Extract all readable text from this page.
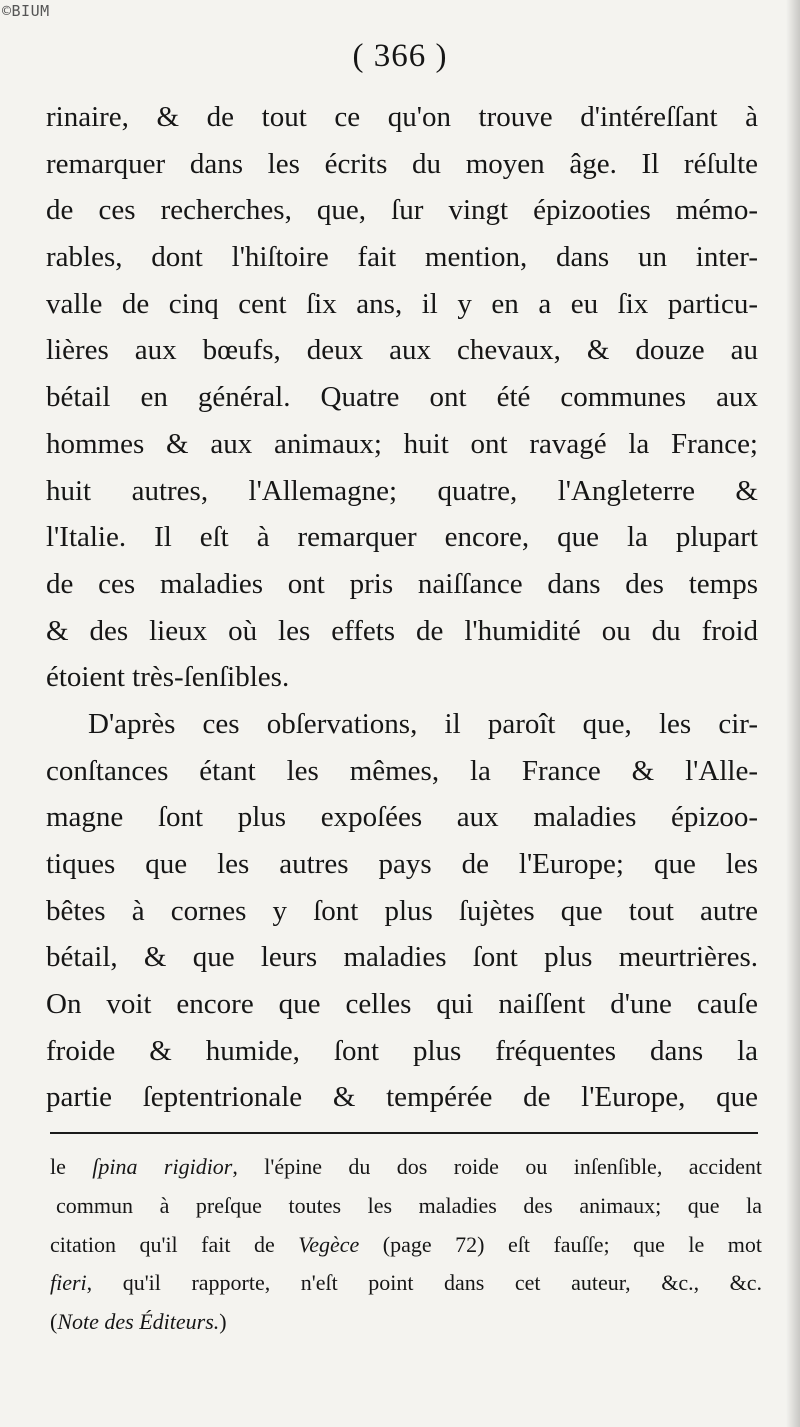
©BIUM
( 366 )
rinaire, & de tout ce qu'on trouve d'intéreſſant à
remarquer dans les écrits du moyen âge. Il réſulte
de ces recherches, que, ſur vingt épizooties mémo-
rables, dont l'hiſtoire fait mention, dans un inter-
valle de cinq cent ſix ans, il y en a eu ſix particu-
lières aux bœufs, deux aux chevaux, & douze au
bétail en général. Quatre ont été communes aux
hommes & aux animaux; huit ont ravagé la France;
huit autres, l'Allemagne; quatre, l'Angleterre &
l'Italie. Il eſt à remarquer encore, que la plupart
de ces maladies ont pris naiſſance dans des temps
& des lieux où les effets de l'humidité ou du froid
étoient très-ſenſibles.
D'après ces obſervations, il paroît que, les cir-
conſtances étant les mêmes, la France & l'Alle-
magne ſont plus expoſées aux maladies épizoo-
tiques que les autres pays de l'Europe; que les
bêtes à cornes y ſont plus ſujètes que tout autre
bétail, & que leurs maladies ſont plus meurtrières.
On voit encore que celles qui naiſſent d'une cauſe
froide & humide, ſont plus fréquentes dans la
partie ſeptentrionale & tempérée de l'Europe, que
le ſpina rigidior, l'épine du dos roide ou inſenſible, accident
commun à preſque toutes les maladies des animaux; que la
citation qu'il fait de Vegèce (page 72) eſt fauſſe; que le mot
fieri, qu'il rapporte, n'eſt point dans cet auteur, &c., &c.
(Note des Éditeurs.)
